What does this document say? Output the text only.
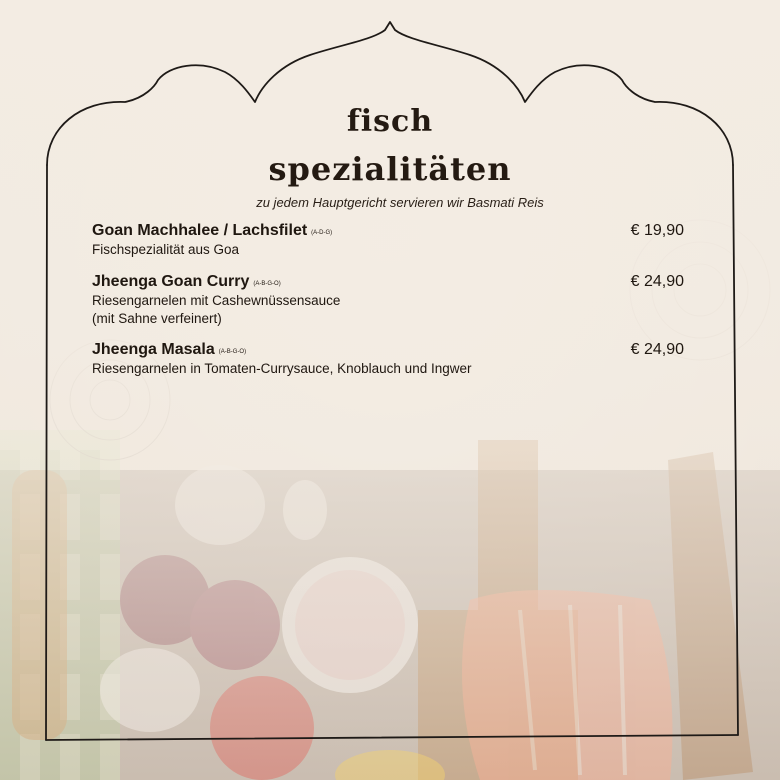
fisch
spezialitäten
zu jedem Hauptgericht servieren wir Basmati Reis
Goan Machhalee / Lachsfilet (A-D-G)	€ 19,90
Fischspezialität aus Goa
Jheenga Goan Curry (A-B-G-O)	€ 24,90
Riesengarnelen mit Cashewnüssensauce
(mit Sahne verfeinert)
Jheenga Masala (A-B-G-O)	€ 24,90
Riesengarnelen in Tomaten-Currysauce, Knoblauch und Ingwer
